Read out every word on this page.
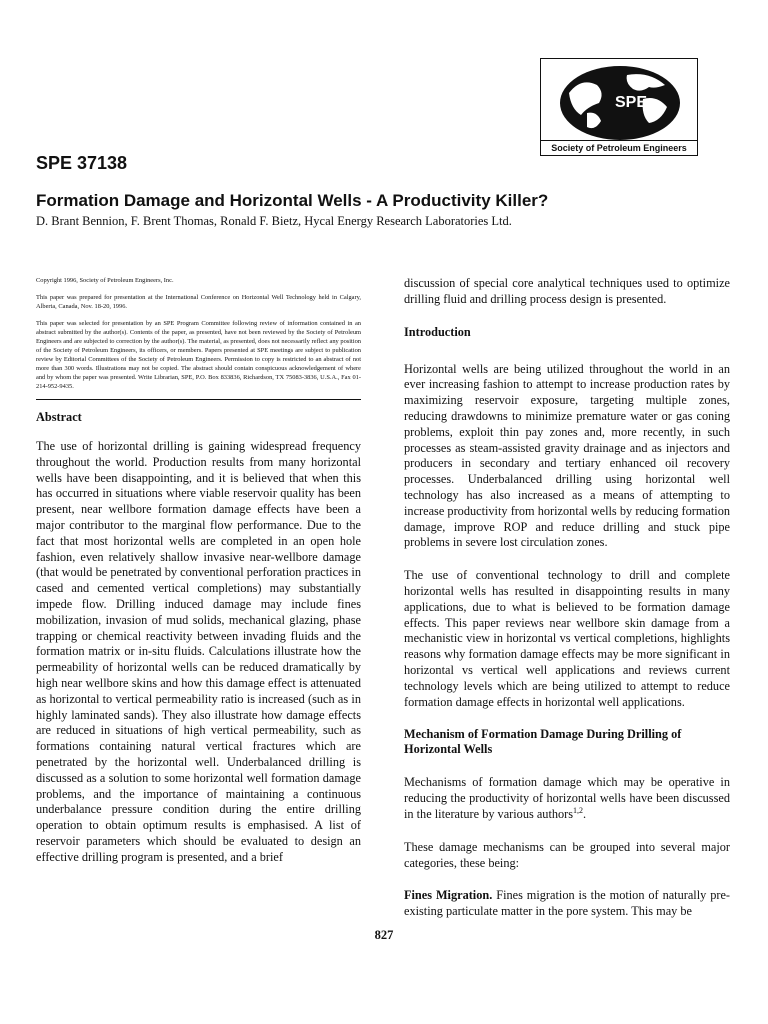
SPE
Society of Petroleum Engineers
SPE 37138
Formation Damage and Horizontal Wells - A Productivity Killer?
D. Brant Bennion, F. Brent Thomas, Ronald F. Bietz, Hycal Energy Research Laboratories Ltd.

Copyright 1996, Society of Petroleum Engineers, Inc.

This paper was prepared for presentation at the International Conference on Horizontal Well Technology held in Calgary, Alberta, Canada, Nov. 18-20, 1996.

This paper was selected for presentation by an SPE Program Committee following review of information contained in an abstract submitted by the author(s). Contents of the paper, as presented, have not been reviewed by the Society of Petroleum Engineers and are subjected to correction by the author(s). The material, as presented, does not necessarily reflect any position of the Society of Petroleum Engineers, its officers, or members. Papers presented at SPE meetings are subject to publication review by Editorial Committees of the Society of Petroleum Engineers. Permission to copy is restricted to an abstract of not more than 300 words. Illustrations may not be copied. The abstract should contain conspicuous acknowledgement of where and by whom the paper was presented. Write Librarian, SPE, P.O. Box 833836, Richardson, TX 75083-3836, U.S.A., Fax 01-214-952-9435.

Abstract

The use of horizontal drilling is gaining widespread frequency throughout the world. Production results from many horizontal wells have been disappointing, and it is believed that when this has occurred in situations where viable reservoir quality has been present, near wellbore formation damage effects have been a major contributor to the marginal flow performance. Due to the fact that most horizontal wells are completed in an open hole fashion, even relatively shallow invasive near-wellbore damage (that would be penetrated by conventional perforation practices in cased and cemented vertical completions) may substantially impede flow. Drilling induced damage may include fines mobilization, invasion of mud solids, mechanical glazing, phase trapping or chemical reactivity between invading fluids and the formation matrix or in-situ fluids. Calculations illustrate how the permeability of horizontal wells can be reduced dramatically by high near wellbore skins and how this damage effect is attenuated as horizontal to vertical permeability ratio is increased (such as in highly laminated sands). They also illustrate how damage effects are reduced in situations of high vertical permeability, such as formations containing natural vertical fractures which are penetrated by the horizontal well. Underbalanced drilling is discussed as a solution to some horizontal well formation damage problems, and the importance of maintaining a continuous underbalance pressure condition during the entire drilling operation to obtain optimum results is emphasised. A list of reservoir parameters which should be evaluated to design an effective drilling program is presented, and a brief

discussion of special core analytical techniques used to optimize drilling fluid and drilling process design is presented.

Introduction

Horizontal wells are being utilized throughout the world in an ever increasing fashion to attempt to increase production rates by maximizing reservoir exposure, targeting multiple zones, reducing drawdowns to minimize premature water or gas coning problems, exploit thin pay zones and, more recently, in such processes as steam-assisted gravity drainage and as injectors and producers in secondary and tertiary enhanced oil recovery processes. Underbalanced drilling using horizontal well technology has also increased as a means of attempting to increase productivity from horizontal wells by reducing formation damage, improve ROP and reduce drilling and stuck pipe problems in severe lost circulation zones.

The use of conventional technology to drill and complete horizontal wells has resulted in disappointing results in many applications, due to what is believed to be formation damage effects. This paper reviews near wellbore skin damage from a mechanistic view in horizontal vs vertical completions, highlights reasons why formation damage effects may be more significant in horizontal vs vertical well applications and reviews current technology levels which are being utilized to attempt to reduce formation damage effects in horizontal well applications.

Mechanism of Formation Damage During Drilling of Horizontal Wells

Mechanisms of formation damage which may be operative in reducing the productivity of horizontal wells have been discussed in the literature by various authors$^{1,2}$.

These damage mechanisms can be grouped into several major categories, these being:

Fines Migration. Fines migration is the motion of naturally pre-existing particulate matter in the pore system. This may be

827
